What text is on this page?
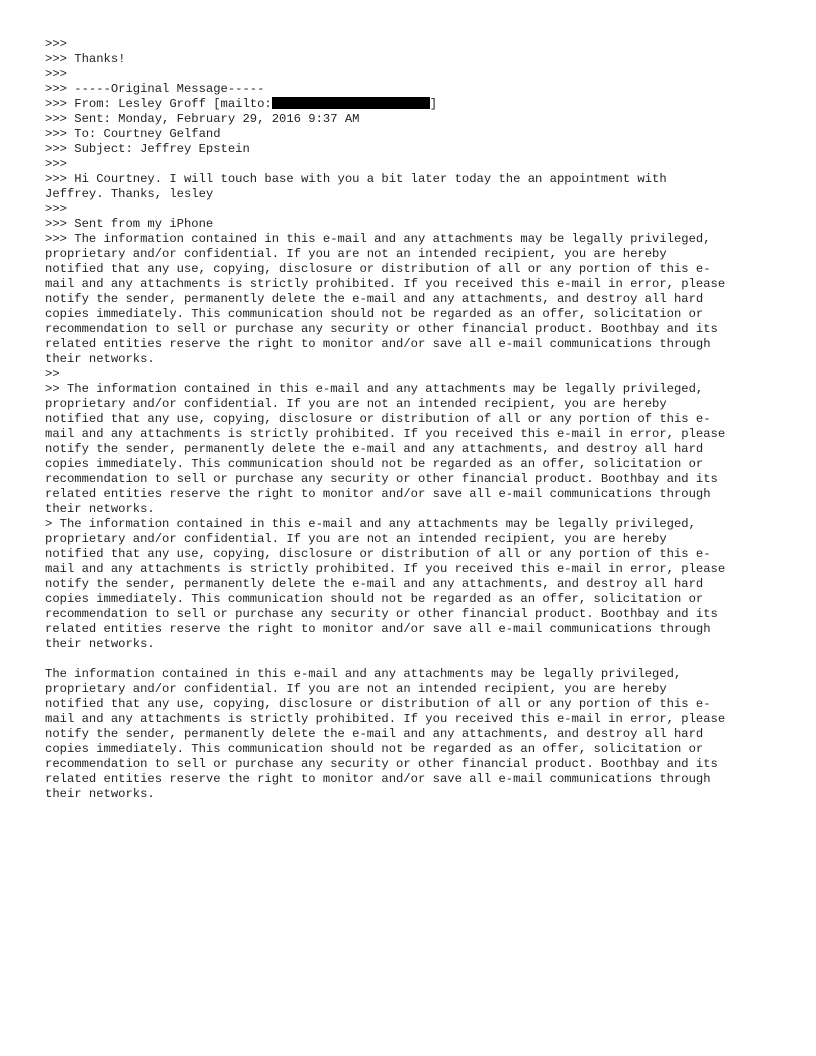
>>>
>>> Thanks!
>>>
>>> -----Original Message-----
>>> From: Lesley Groff [mailto:	]
>>> Sent: Monday, February 29, 2016 9:37 AM
>>> To: Courtney Gelfand
>>> Subject: Jeffrey Epstein
>>>
>>> Hi Courtney. I will touch base with you a bit later today the an appointment with
Jeffrey. Thanks, lesley
>>>
>>> Sent from my iPhone
>>> The information contained in this e-mail and any attachments may be legally privileged,
proprietary and/or confidential. If you are not an intended recipient, you are hereby
notified that any use, copying, disclosure or distribution of all or any portion of this e-
mail and any attachments is strictly prohibited. If you received this e-mail in error, please
notify the sender, permanently delete the e-mail and any attachments, and destroy all hard
copies immediately. This communication should not be regarded as an offer, solicitation or
recommendation to sell or purchase any security or other financial product. Boothbay and its
related entities reserve the right to monitor and/or save all e-mail communications through
their networks.
>>
>> The information contained in this e-mail and any attachments may be legally privileged,
proprietary and/or confidential. If you are not an intended recipient, you are hereby
notified that any use, copying, disclosure or distribution of all or any portion of this e-
mail and any attachments is strictly prohibited. If you received this e-mail in error, please
notify the sender, permanently delete the e-mail and any attachments, and destroy all hard
copies immediately. This communication should not be regarded as an offer, solicitation or
recommendation to sell or purchase any security or other financial product. Boothbay and its
related entities reserve the right to monitor and/or save all e-mail communications through
their networks.
> The information contained in this e-mail and any attachments may be legally privileged,
proprietary and/or confidential. If you are not an intended recipient, you are hereby
notified that any use, copying, disclosure or distribution of all or any portion of this e-
mail and any attachments is strictly prohibited. If you received this e-mail in error, please
notify the sender, permanently delete the e-mail and any attachments, and destroy all hard
copies immediately. This communication should not be regarded as an offer, solicitation or
recommendation to sell or purchase any security or other financial product. Boothbay and its
related entities reserve the right to monitor and/or save all e-mail communications through
their networks.
The information contained in this e-mail and any attachments may be legally privileged,
proprietary and/or confidential. If you are not an intended recipient, you are hereby
notified that any use, copying, disclosure or distribution of all or any portion of this e-
mail and any attachments is strictly prohibited. If you received this e-mail in error, please
notify the sender, permanently delete the e-mail and any attachments, and destroy all hard
copies immediately. This communication should not be regarded as an offer, solicitation or
recommendation to sell or purchase any security or other financial product. Boothbay and its
related entities reserve the right to monitor and/or save all e-mail communications through
their networks.
